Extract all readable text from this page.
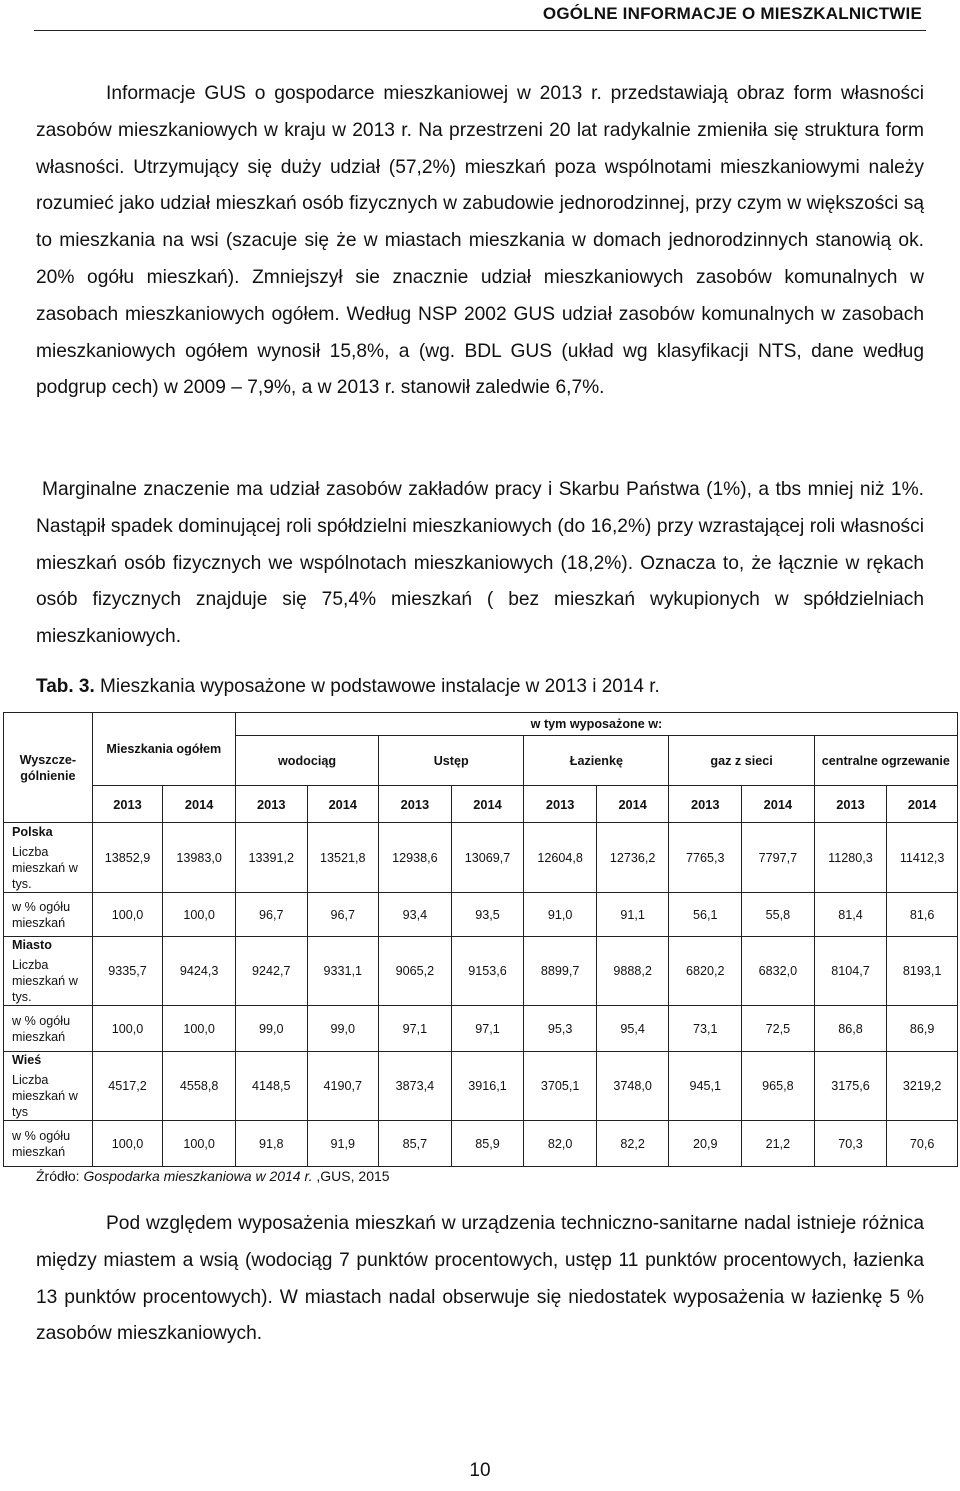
OGÓLNE INFORMACJE O MIESZKALNICTWIE

Informacje GUS o gospodarce mieszkaniowej w 2013 r. przedstawiają obraz form własności zasobów mieszkaniowych w kraju w 2013 r. Na przestrzeni 20 lat radykalnie zmieniła się struktura form własności. Utrzymujący się duży udział (57,2%) mieszkań poza wspólnotami mieszkaniowymi należy rozumieć jako udział mieszkań osób fizycznych w zabudowie jednorodzinnej, przy czym w większości są to mieszkania na wsi (szacuje się że w miastach mieszkania w domach jednorodzinnych stanowią ok. 20% ogółu mieszkań). Zmniejszył sie znacznie udział mieszkaniowych zasobów komunalnych w zasobach mieszkaniowych ogółem. Według NSP 2002 GUS udział zasobów komunalnych w zasobach mieszkaniowych ogółem wynosił 15,8%, a (wg. BDL GUS (układ wg klasyfikacji NTS, dane według podgrup cech) w 2009 – 7,9%, a w 2013 r. stanowił zaledwie 6,7%.

Marginalne znaczenie ma udział zasobów zakładów pracy i Skarbu Państwa (1%), a tbs mniej niż 1%. Nastąpił spadek dominującej roli spółdzielni mieszkaniowych (do 16,2%) przy wzrastającej roli własności mieszkań osób fizycznych we wspólnotach mieszkaniowych (18,2%). Oznacza to, że łącznie w rękach osób fizycznych znajduje się 75,4% mieszkań ( bez mieszkań wykupionych w spółdzielniach mieszkaniowych.

Tab. 3. Mieszkania wyposażone w podstawowe instalacje w 2013 i 2014 r.
Wyszcze-gólnienie	Mieszkania ogółem		w tym wyposażone w:									
			wodociąg		Ustęp		Łazienkę		gaz z sieci		centralne ogrzewanie	
	2013	2014	2013	2014	2013	2014	2013	2014	2013	2014	2013	2014

Polska
Liczba mieszkań w tys.	13852,9	13983,0	13391,2	13521,8	12938,6	13069,7	12604,8	12736,2	7765,3	7797,7	11280,3	11412,3

w % ogółu mieszkań	100,0	100,0	96,7	96,7	93,4	93,5	91,0	91,1	56,1	55,8	81,4	81,6

Miasto
Liczba mieszkań w tys.	9335,7	9424,3	9242,7	9331,1	9065,2	9153,6	8899,7	9888,2	6820,2	6832,0	8104,7	8193,1

w % ogółu mieszkań	100,0	100,0	99,0	99,0	97,1	97,1	95,3	95,4	73,1	72,5	86,8	86,9

Wieś
Liczba mieszkań w tys	4517,2	4558,8	4148,5	4190,7	3873,4	3916,1	3705,1	3748,0	945,1	965,8	3175,6	3219,2

w % ogółu mieszkań	100,0	100,0	91,8	91,9	85,7	85,9	82,0	82,2	20,9	21,2	70,3	70,6
Źródło: Gospodarka mieszkaniowa w 2014 r. ,GUS, 2015

Pod względem wyposażenia mieszkań w urządzenia techniczno-sanitarne nadal istnieje różnica między miastem a wsią (wodociąg 7 punktów procentowych, ustęp 11 punktów procentowych, łazienka 13 punktów procentowych). W miastach nadal obserwuje się niedostatek wyposażenia w łazienkę 5 % zasobów mieszkaniowych.

10
